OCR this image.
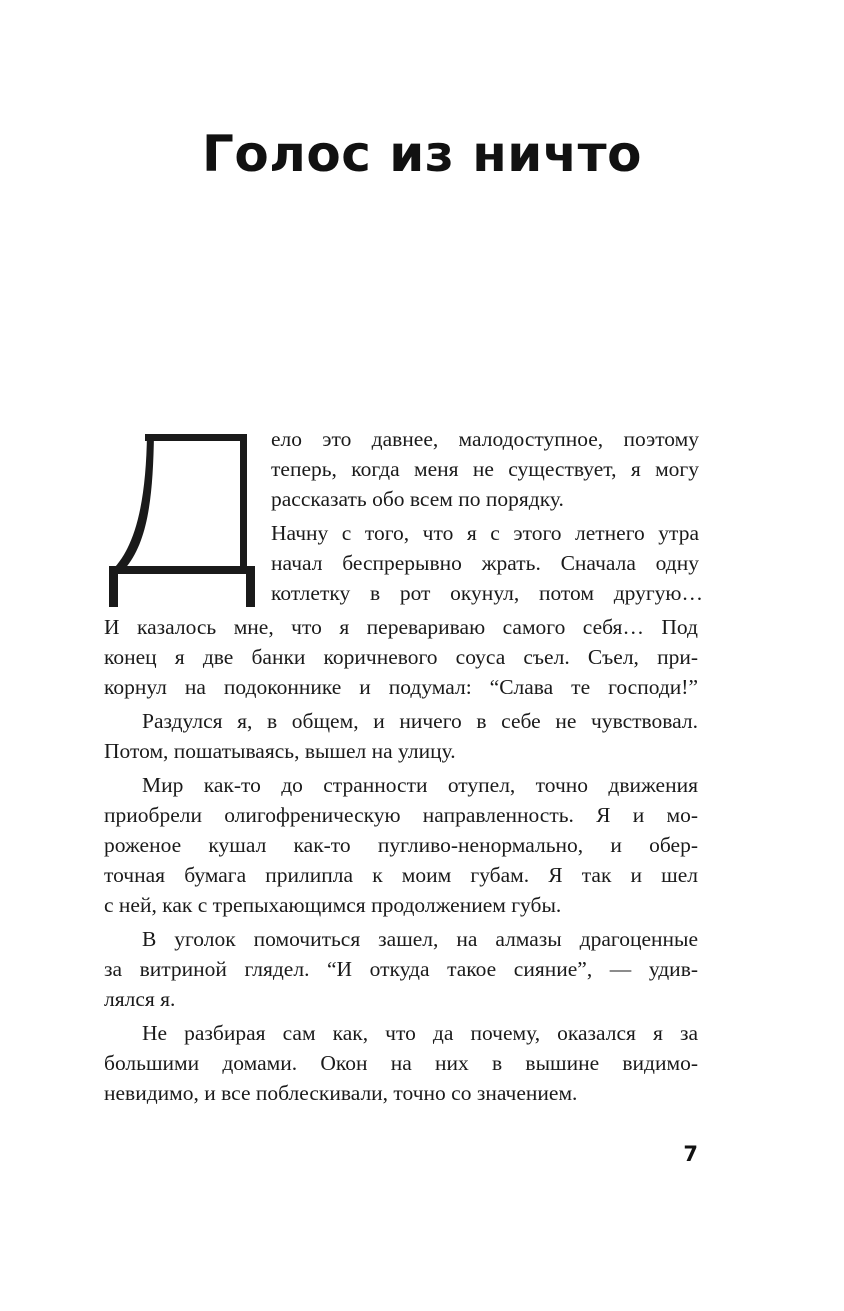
Голос из ничто

ело это давнее, малодоступное, поэтому

теперь, когда меня не существует, я могу

рассказать обо всем по порядку.

Начну с того, что я с этого летнего утра

начал беспрерывно жрать. Сначала одну

котлетку в рот окунул, потом другую…

И казалось мне, что я перевариваю самого себя… Под

конец я две банки коричневого соуса съел. Съел, при-

корнул на подоконнике и подумал: “Слава те господи!”

Раздулся я, в общем, и ничего в себе не чувствовал.

Потом, пошатываясь, вышел на улицу.

Мир как-то до странности отупел, точно движения

приобрели олигофреническую направленность. Я и мо-

роженое кушал как-то пугливо-ненормально, и обер-

точная бумага прилипла к моим губам. Я так и шел

с ней, как с трепыхающимся продолжением губы.

В уголок помочиться зашел, на алмазы драгоценные

за витриной глядел. “И откуда такое сияние”, — удив-

лялся я.

Не разбирая сам как, что да почему, оказался я за

большими домами. Окон на них в вышине видимо-

невидимо, и все поблескивали, точно со значением.

7
